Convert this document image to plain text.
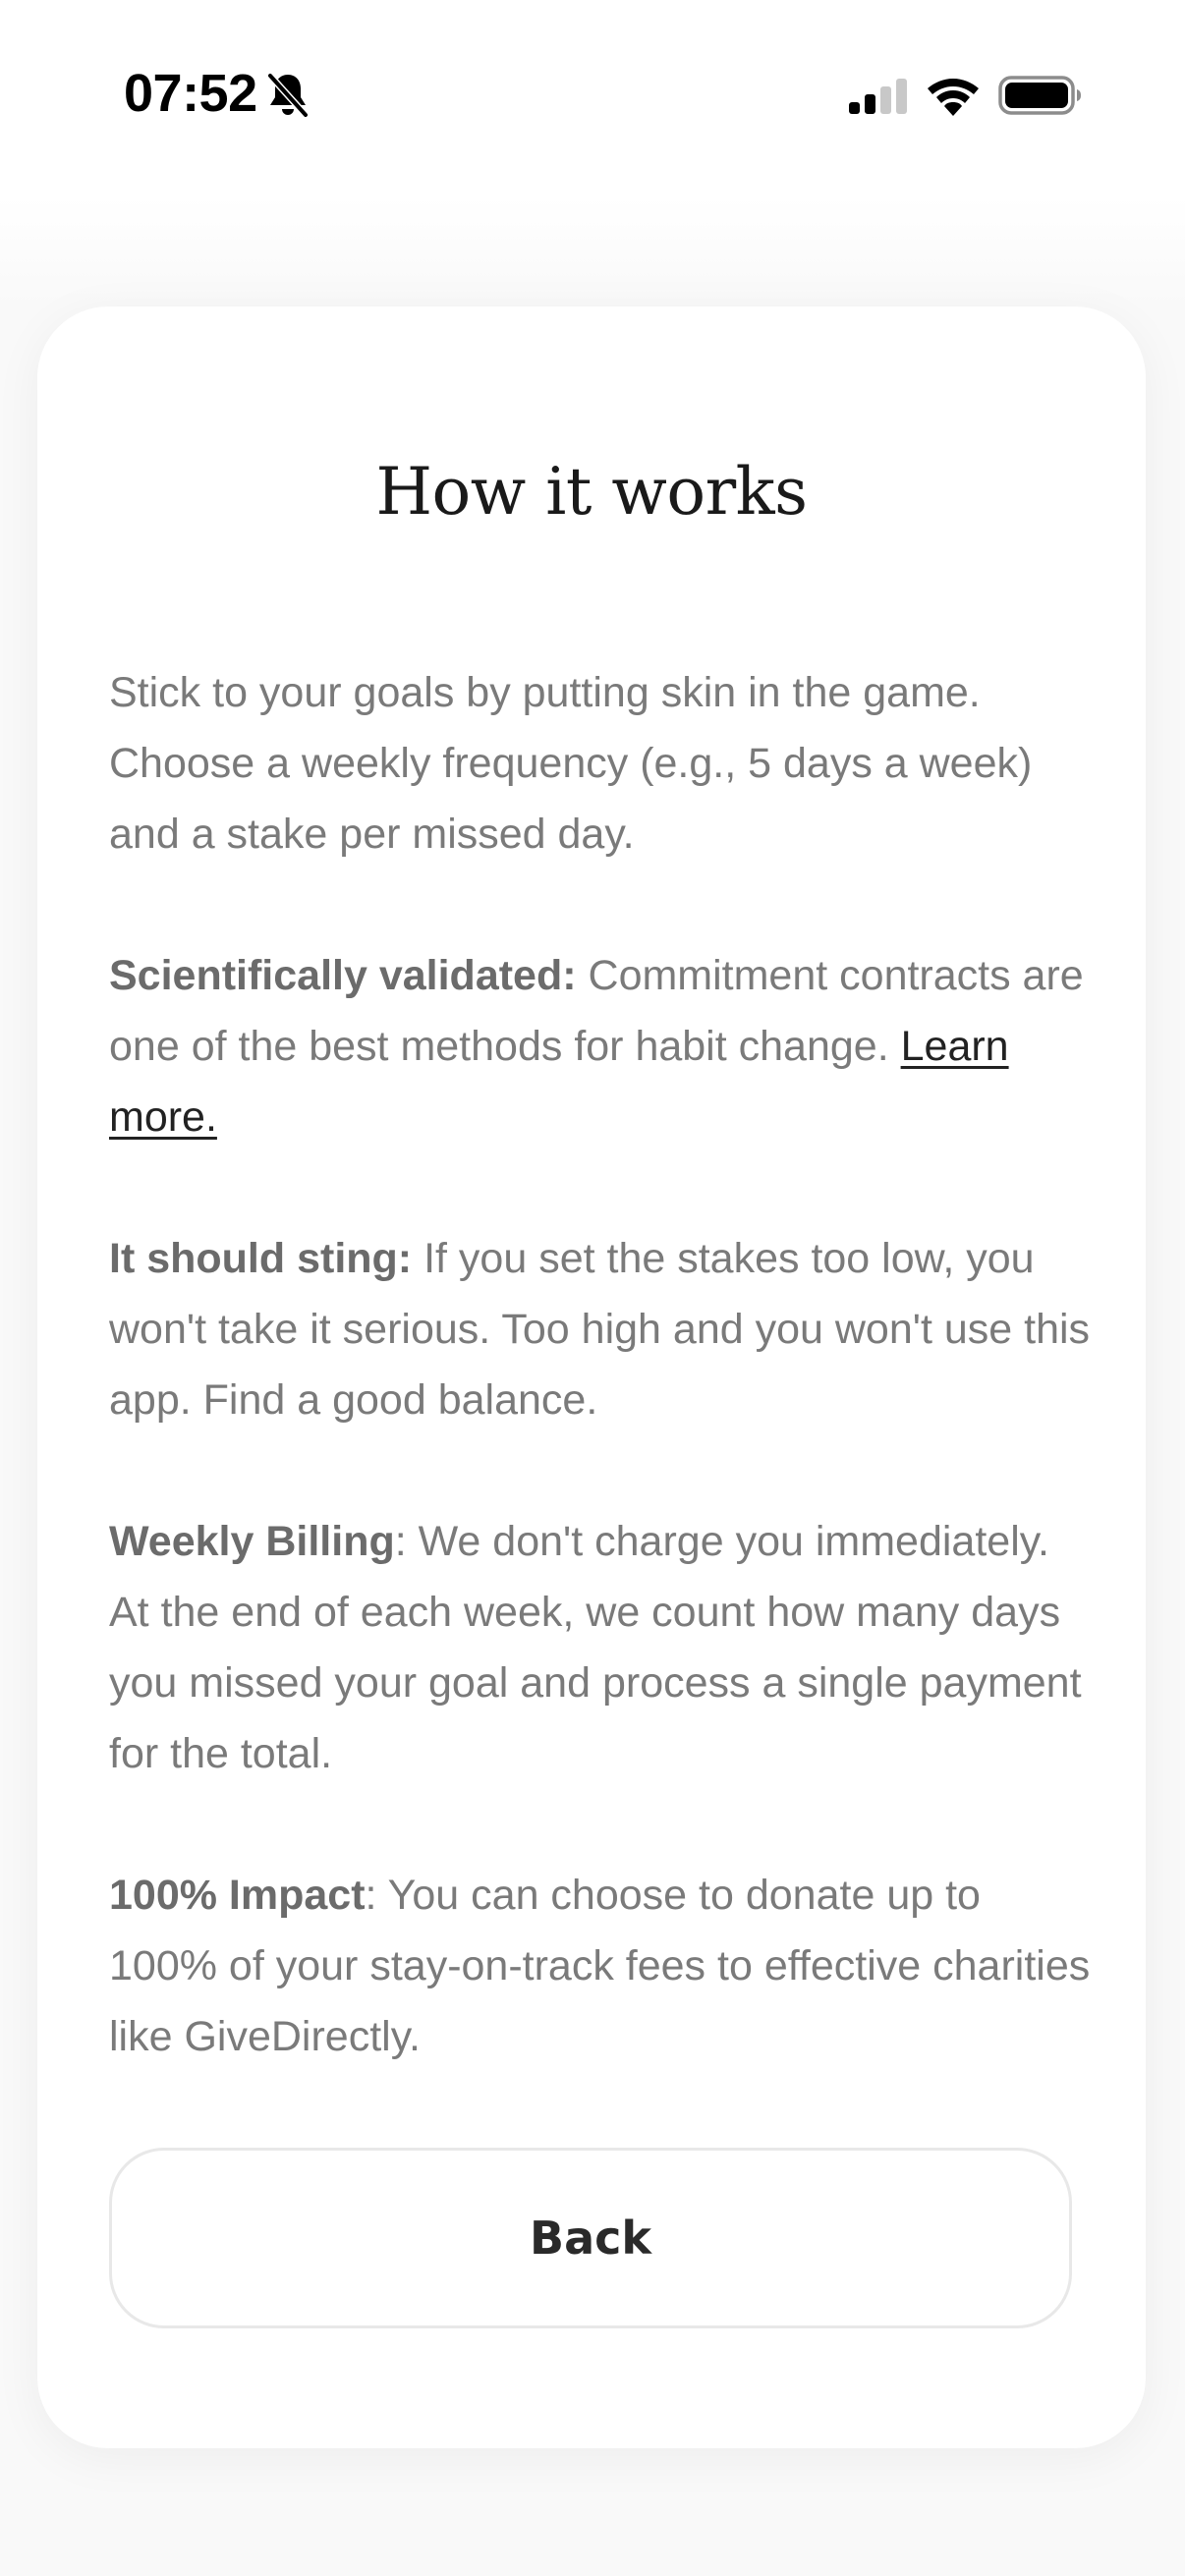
07:52
How it works

Stick to your goals by putting skin in the game. Choose a weekly frequency (e.g., 5 days a week) and a stake per missed day.

Scientifically validated: Commitment contracts are one of the best methods for habit change. Learn more.

It should sting: If you set the stakes too low, you won't take it serious. Too high and you won't use this app. Find a good balance.

Weekly Billing: We don't charge you immediately. At the end of each week, we count how many days you missed your goal and process a single payment for the total.

100% Impact: You can choose to donate up to 100% of your stay-on-track fees to effective charities like GiveDirectly.

Back
